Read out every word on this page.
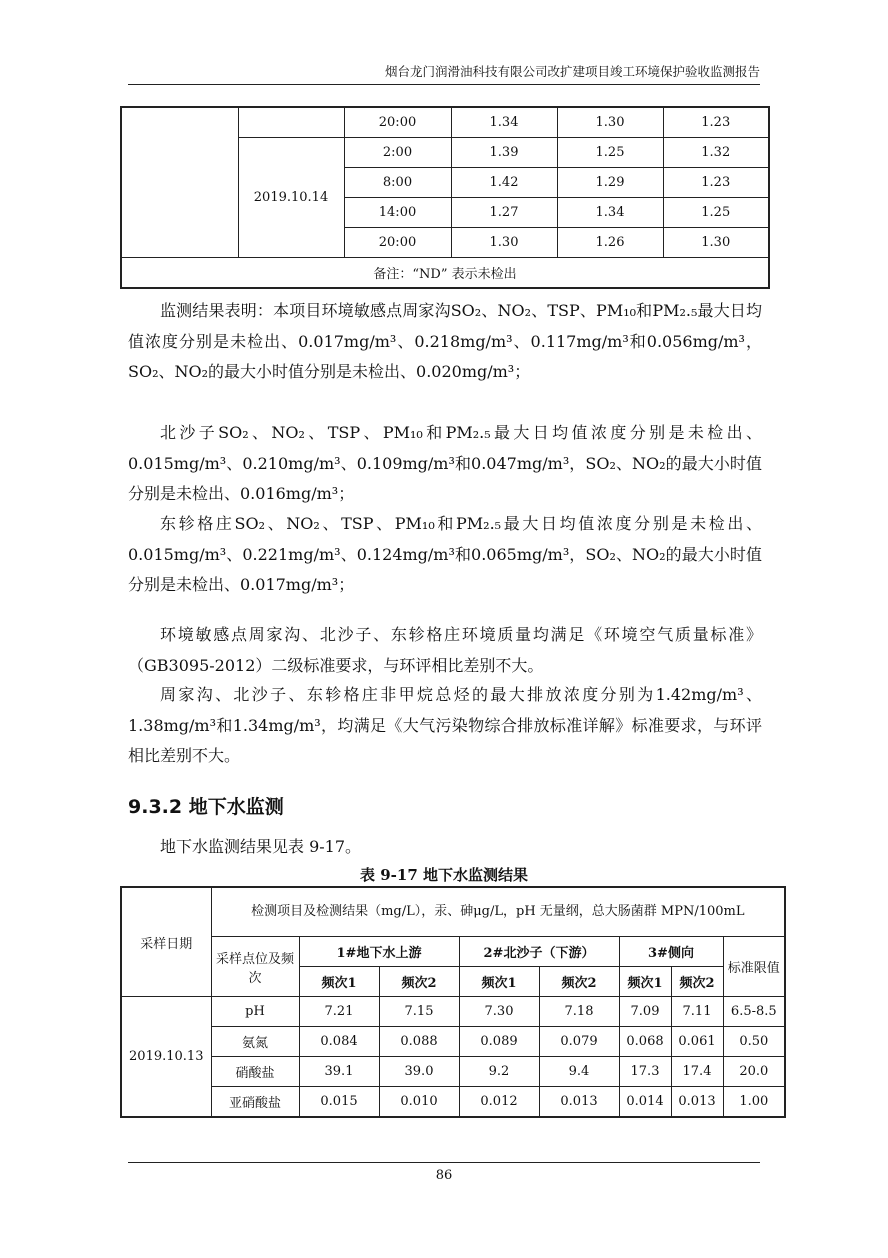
烟台龙门润滑油科技有限公司改扩建项目竣工环境保护验收监测报告
		20:00	1.34	1.30	1.23
	2019.10.14	2:00	1.39	1.25	1.32
		8:00	1.42	1.29	1.23
		14:00	1.27	1.34	1.25
		20:00	1.30	1.26	1.30
备注：“ND” 表示未检出					

监测结果表明：本项目环境敏感点周家沟SO₂、NO₂、TSP、PM₁₀和PM₂.₅最大日均值浓度分别是未检出、0.017mg/m³、0.218mg/m³、0.117mg/m³和0.056mg/m³，SO₂、NO₂的最大小时值分别是未检出、0.020mg/m³；

北沙子SO₂、NO₂、TSP、PM₁₀和PM₂.₅最大日均值浓度分别是未检出、0.015mg/m³、0.210mg/m³、0.109mg/m³和0.047mg/m³，SO₂、NO₂的最大小时值分别是未检出、0.016mg/m³；

东轸格庄SO₂、NO₂、TSP、PM₁₀和PM₂.₅最大日均值浓度分别是未检出、0.015mg/m³、0.221mg/m³、0.124mg/m³和0.065mg/m³，SO₂、NO₂的最大小时值分别是未检出、0.017mg/m³；

环境敏感点周家沟、北沙子、东轸格庄环境质量均满足《环境空气质量标准》（GB3095-2012）二级标准要求，与环评相比差别不大。

周家沟、北沙子、东轸格庄非甲烷总烃的最大排放浓度分别为1.42mg/m³、1.38mg/m³和1.34mg/m³，均满足《大气污染物综合排放标准详解》标准要求，与环评相比差别不大。

9.3.2 地下水监测

地下水监测结果见表 9-17。

表 9-17 地下水监测结果
采样日期	检测项目及检测结果（mg/L），汞、砷μg/L，pH 无量纲，总大肠菌群 MPN/100mL							
	采样点位及频次	1#地下水上游		2#北沙子（下游）		3#侧向		标准限值
		频次1	频次2	频次1	频次2	频次1	频次2	
2019.10.13	pH	7.21	7.15	7.30	7.18	7.09	7.11	6.5-8.5
	氨氮	0.084	0.088	0.089	0.079	0.068	0.061	0.50
	硝酸盐	39.1	39.0	9.2	9.4	17.3	17.4	20.0
	亚硝酸盐	0.015	0.010	0.012	0.013	0.014	0.013	1.00
86
